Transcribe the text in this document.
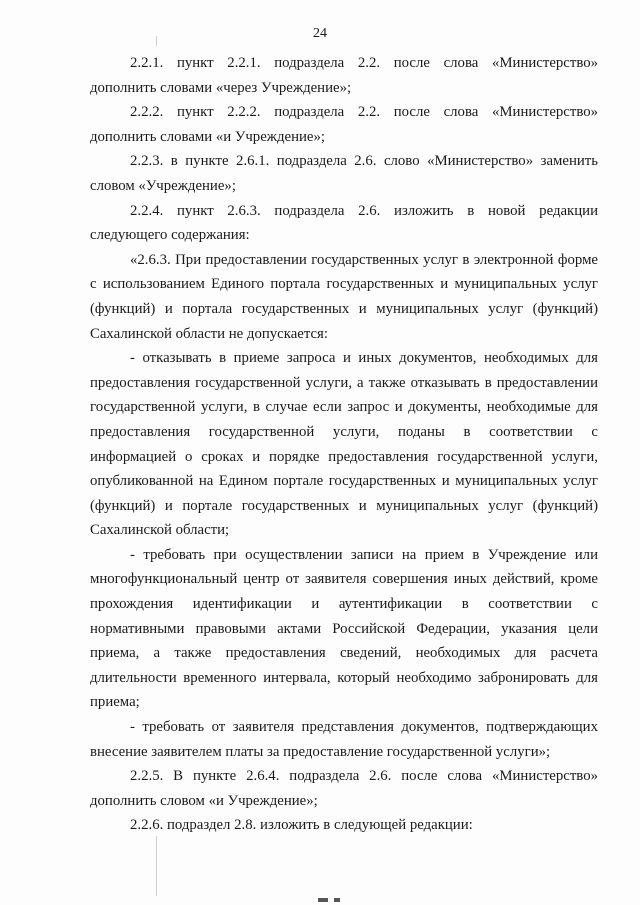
24

2.2.1. пункт 2.2.1. подраздела 2.2. после слова «Министерство» дополнить словами «через Учреждение»;

2.2.2. пункт 2.2.2. подраздела 2.2. после слова «Министерство» дополнить словами «и Учреждение»;

2.2.3. в пункте 2.6.1. подраздела 2.6. слово «Министерство» заменить словом «Учреждение»;

2.2.4. пункт 2.6.3. подраздела 2.6. изложить в новой редакции следующего содержания:

«2.6.3. При предоставлении государственных услуг в электронной форме с использованием Единого портала государственных и муниципальных услуг (функций) и портала государственных и муниципальных услуг (функций) Сахалинской области не допускается:

- отказывать в приеме запроса и иных документов, необходимых для предоставления государственной услуги, а также отказывать в предоставлении государственной услуги, в случае если запрос и документы, необходимые для предоставления государственной услуги, поданы в соответствии с информацией о сроках и порядке предоставления государственной услуги, опубликованной на Едином портале государственных и муниципальных услуг (функций) и портале государственных и муниципальных услуг (функций) Сахалинской области;

- требовать при осуществлении записи на прием в Учреждение или многофункциональный центр от заявителя совершения иных действий, кроме прохождения идентификации и аутентификации в соответствии с нормативными правовыми актами Российской Федерации, указания цели приема, а также предоставления сведений, необходимых для расчета длительности временного интервала, который необходимо забронировать для приема;

- требовать от заявителя представления документов, подтверждающих внесение заявителем платы за предоставление государственной услуги»;

2.2.5. В пункте 2.6.4. подраздела 2.6. после слова «Министерство» дополнить словом «и Учреждение»;

2.2.6. подраздел 2.8. изложить в следующей редакции:
